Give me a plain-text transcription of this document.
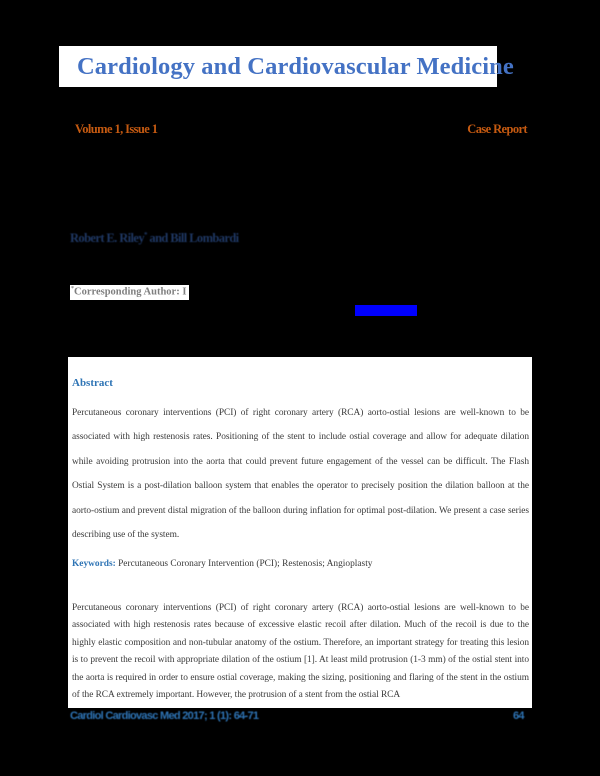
Cardiology and Cardiovascular Medicine
Volume 1, Issue 1	Case Report
Robert E. Riley* and Bill Lombardi
*Corresponding Author: I
riley@uw.edu
Abstract
Percutaneous coronary interventions (PCI) of right coronary artery (RCA) aorto-ostial lesions are well-known to be associated with high restenosis rates. Positioning of the stent to include ostial coverage and allow for adequate dilation while avoiding protrusion into the aorta that could prevent future engagement of the vessel can be difficult. The Flash Ostial System is a post-dilation balloon system that enables the operator to precisely position the dilation balloon at the aorto-ostium and prevent distal migration of the balloon during inflation for optimal post-dilation. We present a case series describing use of the system.
Keywords: Percutaneous Coronary Intervention (PCI); Restenosis; Angioplasty
Percutaneous coronary interventions (PCI) of right coronary artery (RCA) aorto-ostial lesions are well-known to be associated with high restenosis rates because of excessive elastic recoil after dilation. Much of the recoil is due to the highly elastic composition and non-tubular anatomy of the ostium. Therefore, an important strategy for treating this lesion is to prevent the recoil with appropriate dilation of the ostium [1]. At least mild protrusion (1-3 mm) of the ostial stent into the aorta is required in order to ensure ostial coverage, making the sizing, positioning and flaring of the stent in the ostium of the RCA extremely important. However, the protrusion of a stent from the ostial RCA
Cardiol Cardiovasc Med 2017; 1 (1): 64-71	64
